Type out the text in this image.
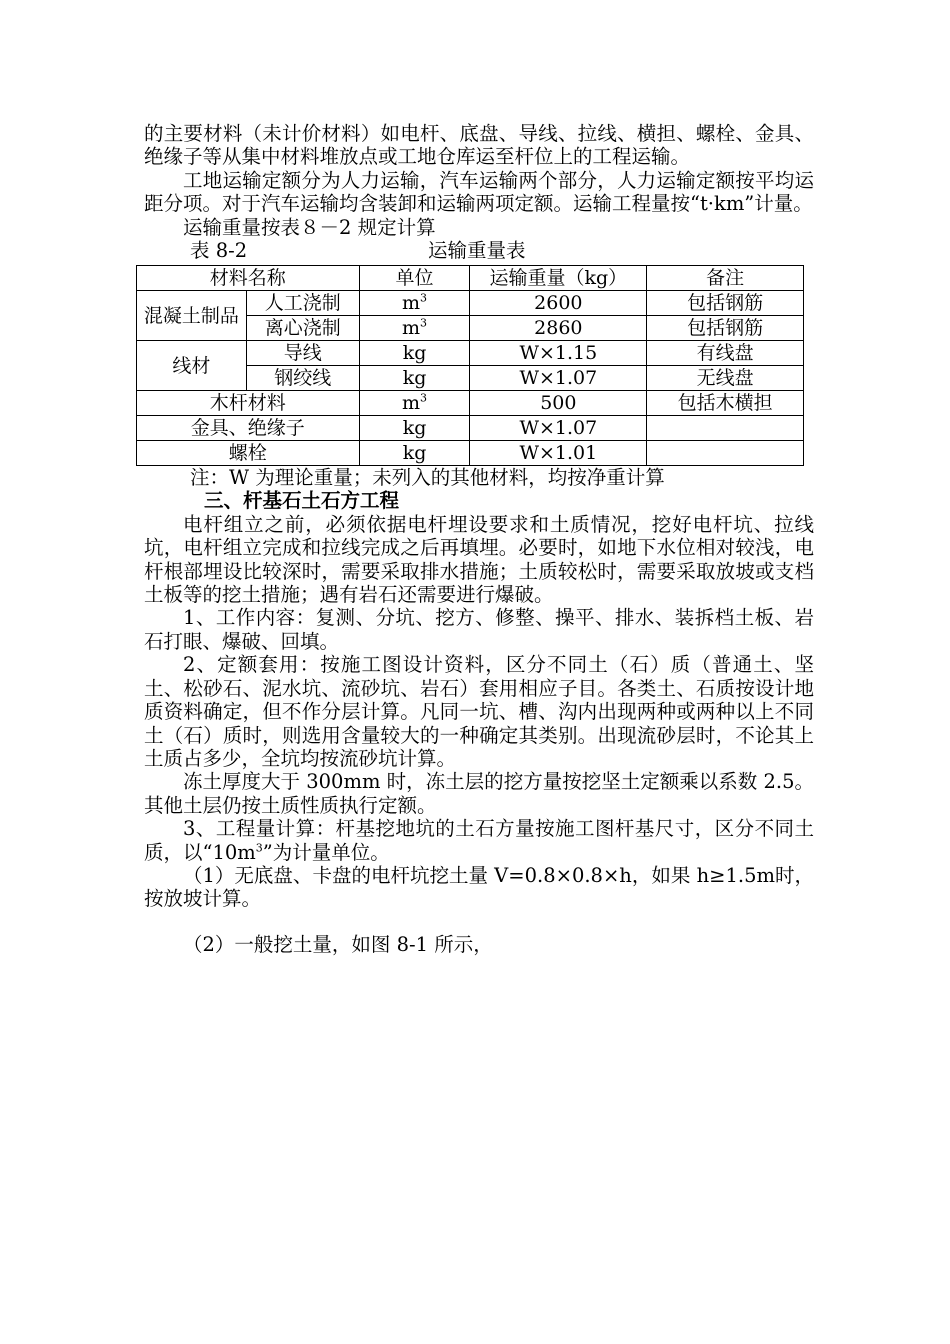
的主要材料（未计价材料）如电杆、底盘、导线、拉线、横担、螺栓、金具、绝缘子等从集中材料堆放点或工地仓库运至杆位上的工程运输。

工地运输定额分为人力运输，汽车运输两个部分，人力运输定额按平均运距分项。对于汽车运输均含装卸和运输两项定额。运输工程量按“t·km”计量。

运输重量按表８－2 规定计算

表 8-2	运输重量表
材料名称		单位	运输重量（kg）	备注
混凝土制品	人工浇制	$m^3$	2600	包括钢筋
	离心浇制	$m^3$	2860	包括钢筋
线材	导线	kg	W×1.15	有线盘
	钢绞线	kg	W×1.07	无线盘
木杆材料		$m^3$	500	包括木横担
金具、绝缘子		kg	W×1.07	
螺栓		kg	W×1.01	

注：W 为理论重量；未列入的其他材料，均按净重计算

三、杆基石土石方工程

电杆组立之前，必须依据电杆埋设要求和土质情况，挖好电杆坑、拉线坑，电杆组立完成和拉线完成之后再填埋。必要时，如地下水位相对较浅，电杆根部埋设比较深时，需要采取排水措施；土质较松时，需要采取放坡或支档土板等的挖土措施；遇有岩石还需要进行爆破。

1、工作内容：复测、分坑、挖方、修整、操平、排水、装拆档土板、岩石打眼、爆破、回填。

2、定额套用：按施工图设计资料，区分不同土（石）质（普通土、坚土、松砂石、泥水坑、流砂坑、岩石）套用相应子目。各类土、石质按设计地质资料确定，但不作分层计算。凡同一坑、槽、沟内出现两种或两种以上不同土（石）质时，则选用含量较大的一种确定其类别。出现流砂层时，不论其上土质占多少，全坑均按流砂坑计算。

冻土厚度大于 300mm 时，冻土层的挖方量按挖坚土定额乘以系数 2.5。其他土层仍按土质性质执行定额。

3、工程量计算：杆基挖地坑的土石方量按施工图杆基尺寸，区分不同土质，以“$10m^3$”为计量单位。

（1）无底盘、卡盘的电杆坑挖土量 V=0.8×0.8×h，如果 h≥1.5m时，按放坡计算。

（2）一般挖土量，如图 8-1 所示，
